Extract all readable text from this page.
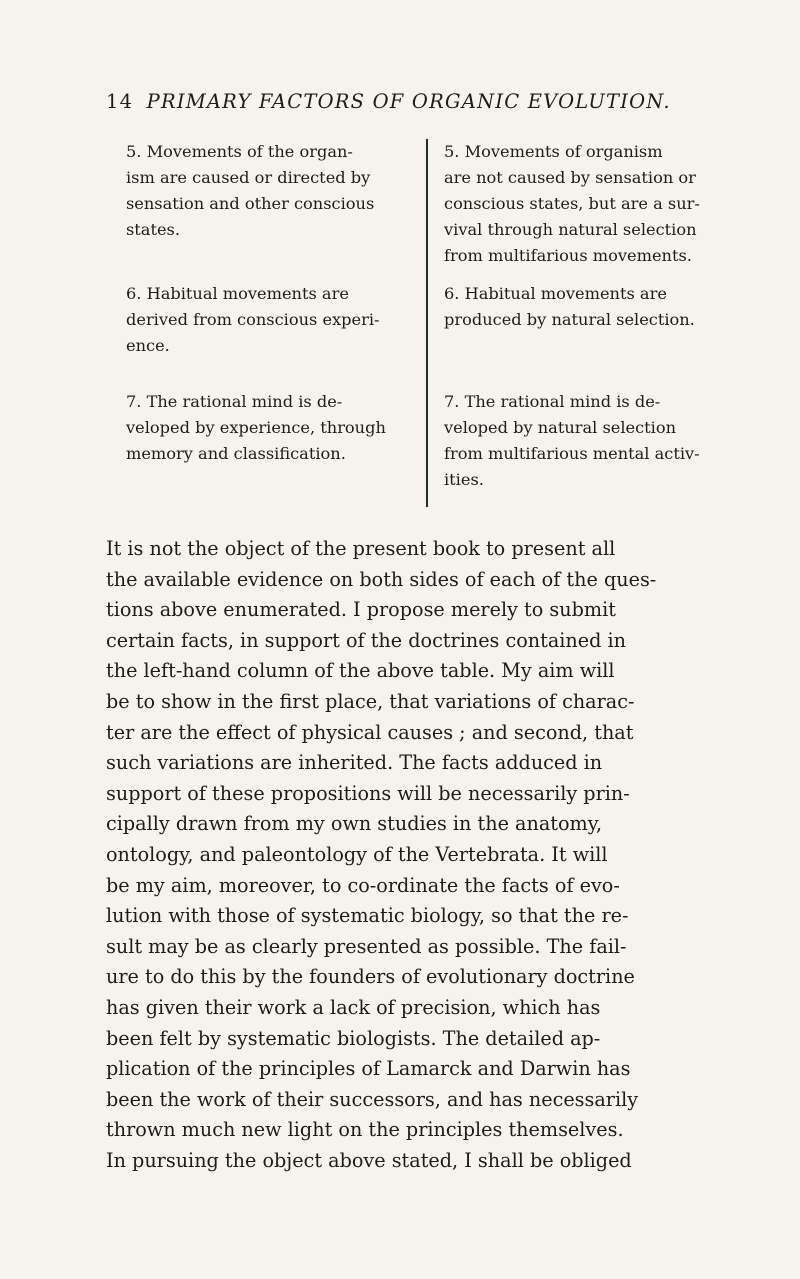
14 PRIMARY FACTORS OF ORGANIC EVOLUTION.
5. Movements of the organ-
ism are caused or directed by
sensation and other conscious
states.
6. Habitual movements are
derived from conscious experi-
ence.
7. The rational mind is de-
veloped by experience, through
memory and classification.
5. Movements of organism
are not caused by sensation or
conscious states, but are a sur-
vival through natural selection
from multifarious movements.
6. Habitual movements are
produced by natural selection.
7. The rational mind is de-
veloped by natural selection
from multifarious mental activ-
ities.
It is not the object of the present book to present all
the available evidence on both sides of each of the ques-
tions above enumerated. I propose merely to submit
certain facts, in support of the doctrines contained in
the left-hand column of the above table. My aim will
be to show in the first place, that variations of charac-
ter are the effect of physical causes ; and second, that
such variations are inherited. The facts adduced in
support of these propositions will be necessarily prin-
cipally drawn from my own studies in the anatomy,
ontology, and paleontology of the Vertebrata. It will
be my aim, moreover, to co-ordinate the facts of evo-
lution with those of systematic biology, so that the re-
sult may be as clearly presented as possible. The fail-
ure to do this by the founders of evolutionary doctrine
has given their work a lack of precision, which has
been felt by systematic biologists. The detailed ap-
plication of the principles of Lamarck and Darwin has
been the work of their successors, and has necessarily
thrown much new light on the principles themselves.
In pursuing the object above stated, I shall be obliged
